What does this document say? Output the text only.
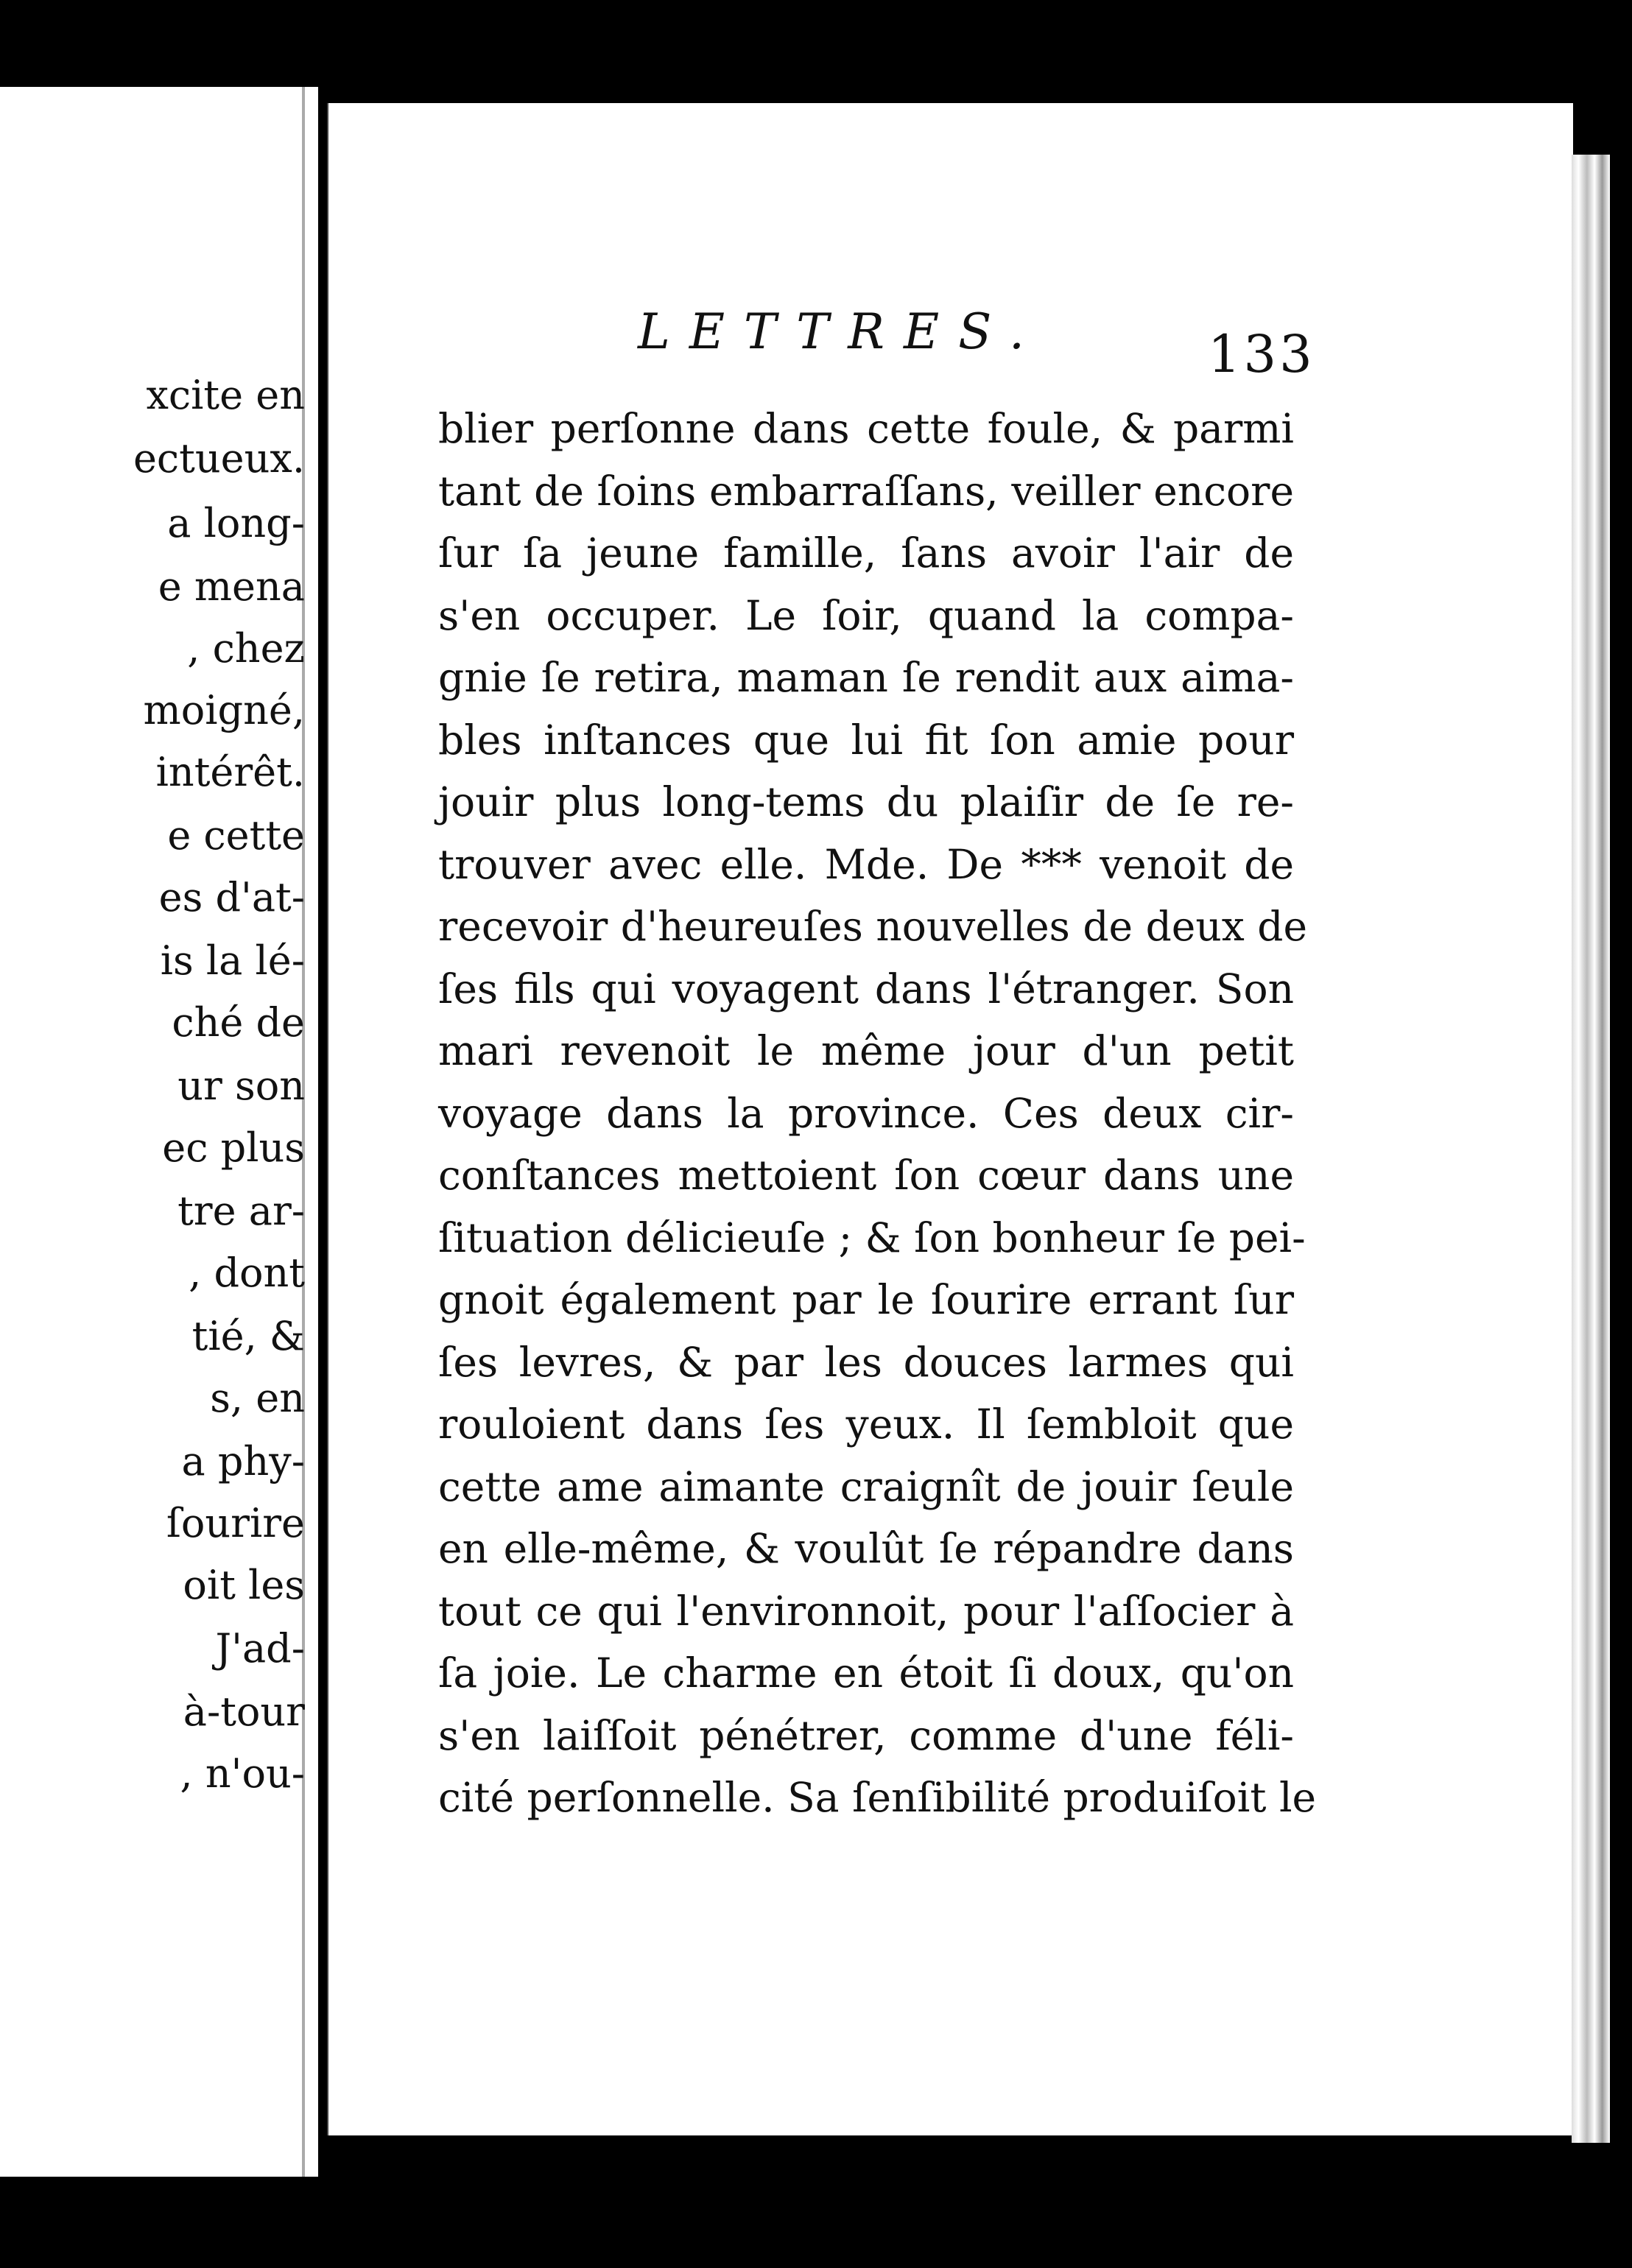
xcite en
ectueux.
a long-
e mena
, chez
moigné,
intérêt.
e cette
es d'at-
is la lé-
ché de
ur son
ec plus
tre ar-
, dont
tié, &
s, en
a phy-
ſourire
oit les
J'ad-
à-tour
, n'ou-
LETTRES.	133
blier perſonne dans cette foule, & parmi
tant de ſoins embarraſſans, veiller encore
ſur ſa jeune famille, ſans avoir l'air de
s'en occuper. Le ſoir, quand la compa-
gnie ſe retira, maman ſe rendit aux aima-
bles inſtances que lui fit ſon amie pour
jouir plus long-tems du plaiſir de ſe re-
trouver avec elle. Mde. De *** venoit de
recevoir d'heureuſes nouvelles de deux de
ſes fils qui voyagent dans l'étranger. Son
mari revenoit le même jour d'un petit
voyage dans la province. Ces deux cir-
conſtances mettoient ſon cœur dans une
ſituation délicieuſe ; & ſon bonheur ſe pei-
gnoit également par le ſourire errant ſur
ſes levres, & par les douces larmes qui
rouloient dans ſes yeux. Il ſembloit que
cette ame aimante craignît de jouir ſeule
en elle-même, & voulût ſe répandre dans
tout ce qui l'environnoit, pour l'aſſocier à
ſa joie. Le charme en étoit ſi doux, qu'on
s'en laiſſoit pénétrer, comme d'une féli-
cité perſonnelle. Sa ſenſibilité produiſoit le
